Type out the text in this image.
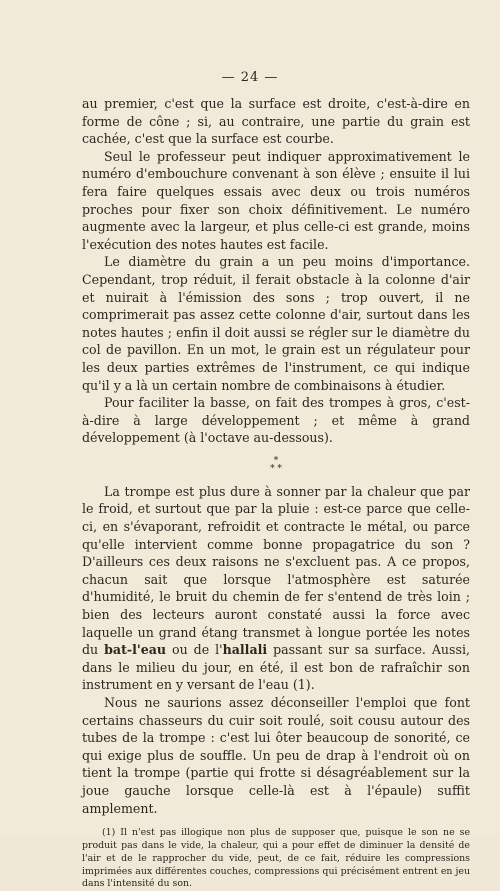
— 24 —

au premier, c'est que la surface est droite, c'est-à-dire en forme de cône ; si, au contraire, une partie du grain est cachée, c'est que la surface est courbe.

Seul le professeur peut indiquer approximativement le numéro d'embouchure convenant à son élève ; ensuite il lui fera faire quelques essais avec deux ou trois numéros proches pour fixer son choix définitivement. Le numéro augmente avec la largeur, et plus celle-ci est grande, moins l'exécution des notes hautes est facile.

Le diamètre du grain a un peu moins d'importance. Cependant, trop réduit, il ferait obstacle à la colonne d'air et nuirait à l'émission des sons ; trop ouvert, il ne comprimerait pas assez cette colonne d'air, surtout dans les notes hautes ; enfin il doit aussi se régler sur le diamètre du col de pavillon. En un mot, le grain est un régulateur pour les deux parties extrêmes de l'instrument, ce qui indique qu'il y a là un certain nombre de combinaisons à étudier.

Pour faciliter la basse, on fait des trompes à gros, c'est-à-dire à large développement ; et même à grand développement (à l'octave au-dessous).

*
* *

La trompe est plus dure à sonner par la chaleur que par le froid, et surtout que par la pluie : est-ce parce que celle-ci, en s'évaporant, refroidit et contracte le métal, ou parce qu'elle intervient comme bonne propagatrice du son ? D'ailleurs ces deux raisons ne s'excluent pas. A ce propos, chacun sait que lorsque l'atmosphère est saturée d'humidité, le bruit du chemin de fer s'entend de très loin ; bien des lecteurs auront constaté aussi la force avec laquelle un grand étang transmet à longue portée les notes du bat-l'eau ou de l'hallali passant sur sa surface. Aussi, dans le milieu du jour, en été, il est bon de rafraîchir son instrument en y versant de l'eau (1).

Nous ne saurions assez déconseiller l'emploi que font certains chasseurs du cuir soit roulé, soit cousu autour des tubes de la trompe : c'est lui ôter beaucoup de sonorité, ce qui exige plus de souffle. Un peu de drap à l'endroit où on tient la trompe (partie qui frotte si désagréablement sur la joue gauche lorsque celle-là est à l'épaule) suffit amplement.

(1) Il n'est pas illogique non plus de supposer que, puisque le son ne se produit pas dans le vide, la chaleur, qui a pour effet de diminuer la densité de l'air et de le rapprocher du vide, peut, de ce fait, réduire les compressions imprimées aux différentes couches, compressions qui précisément entrent en jeu dans l'intensité du son.
